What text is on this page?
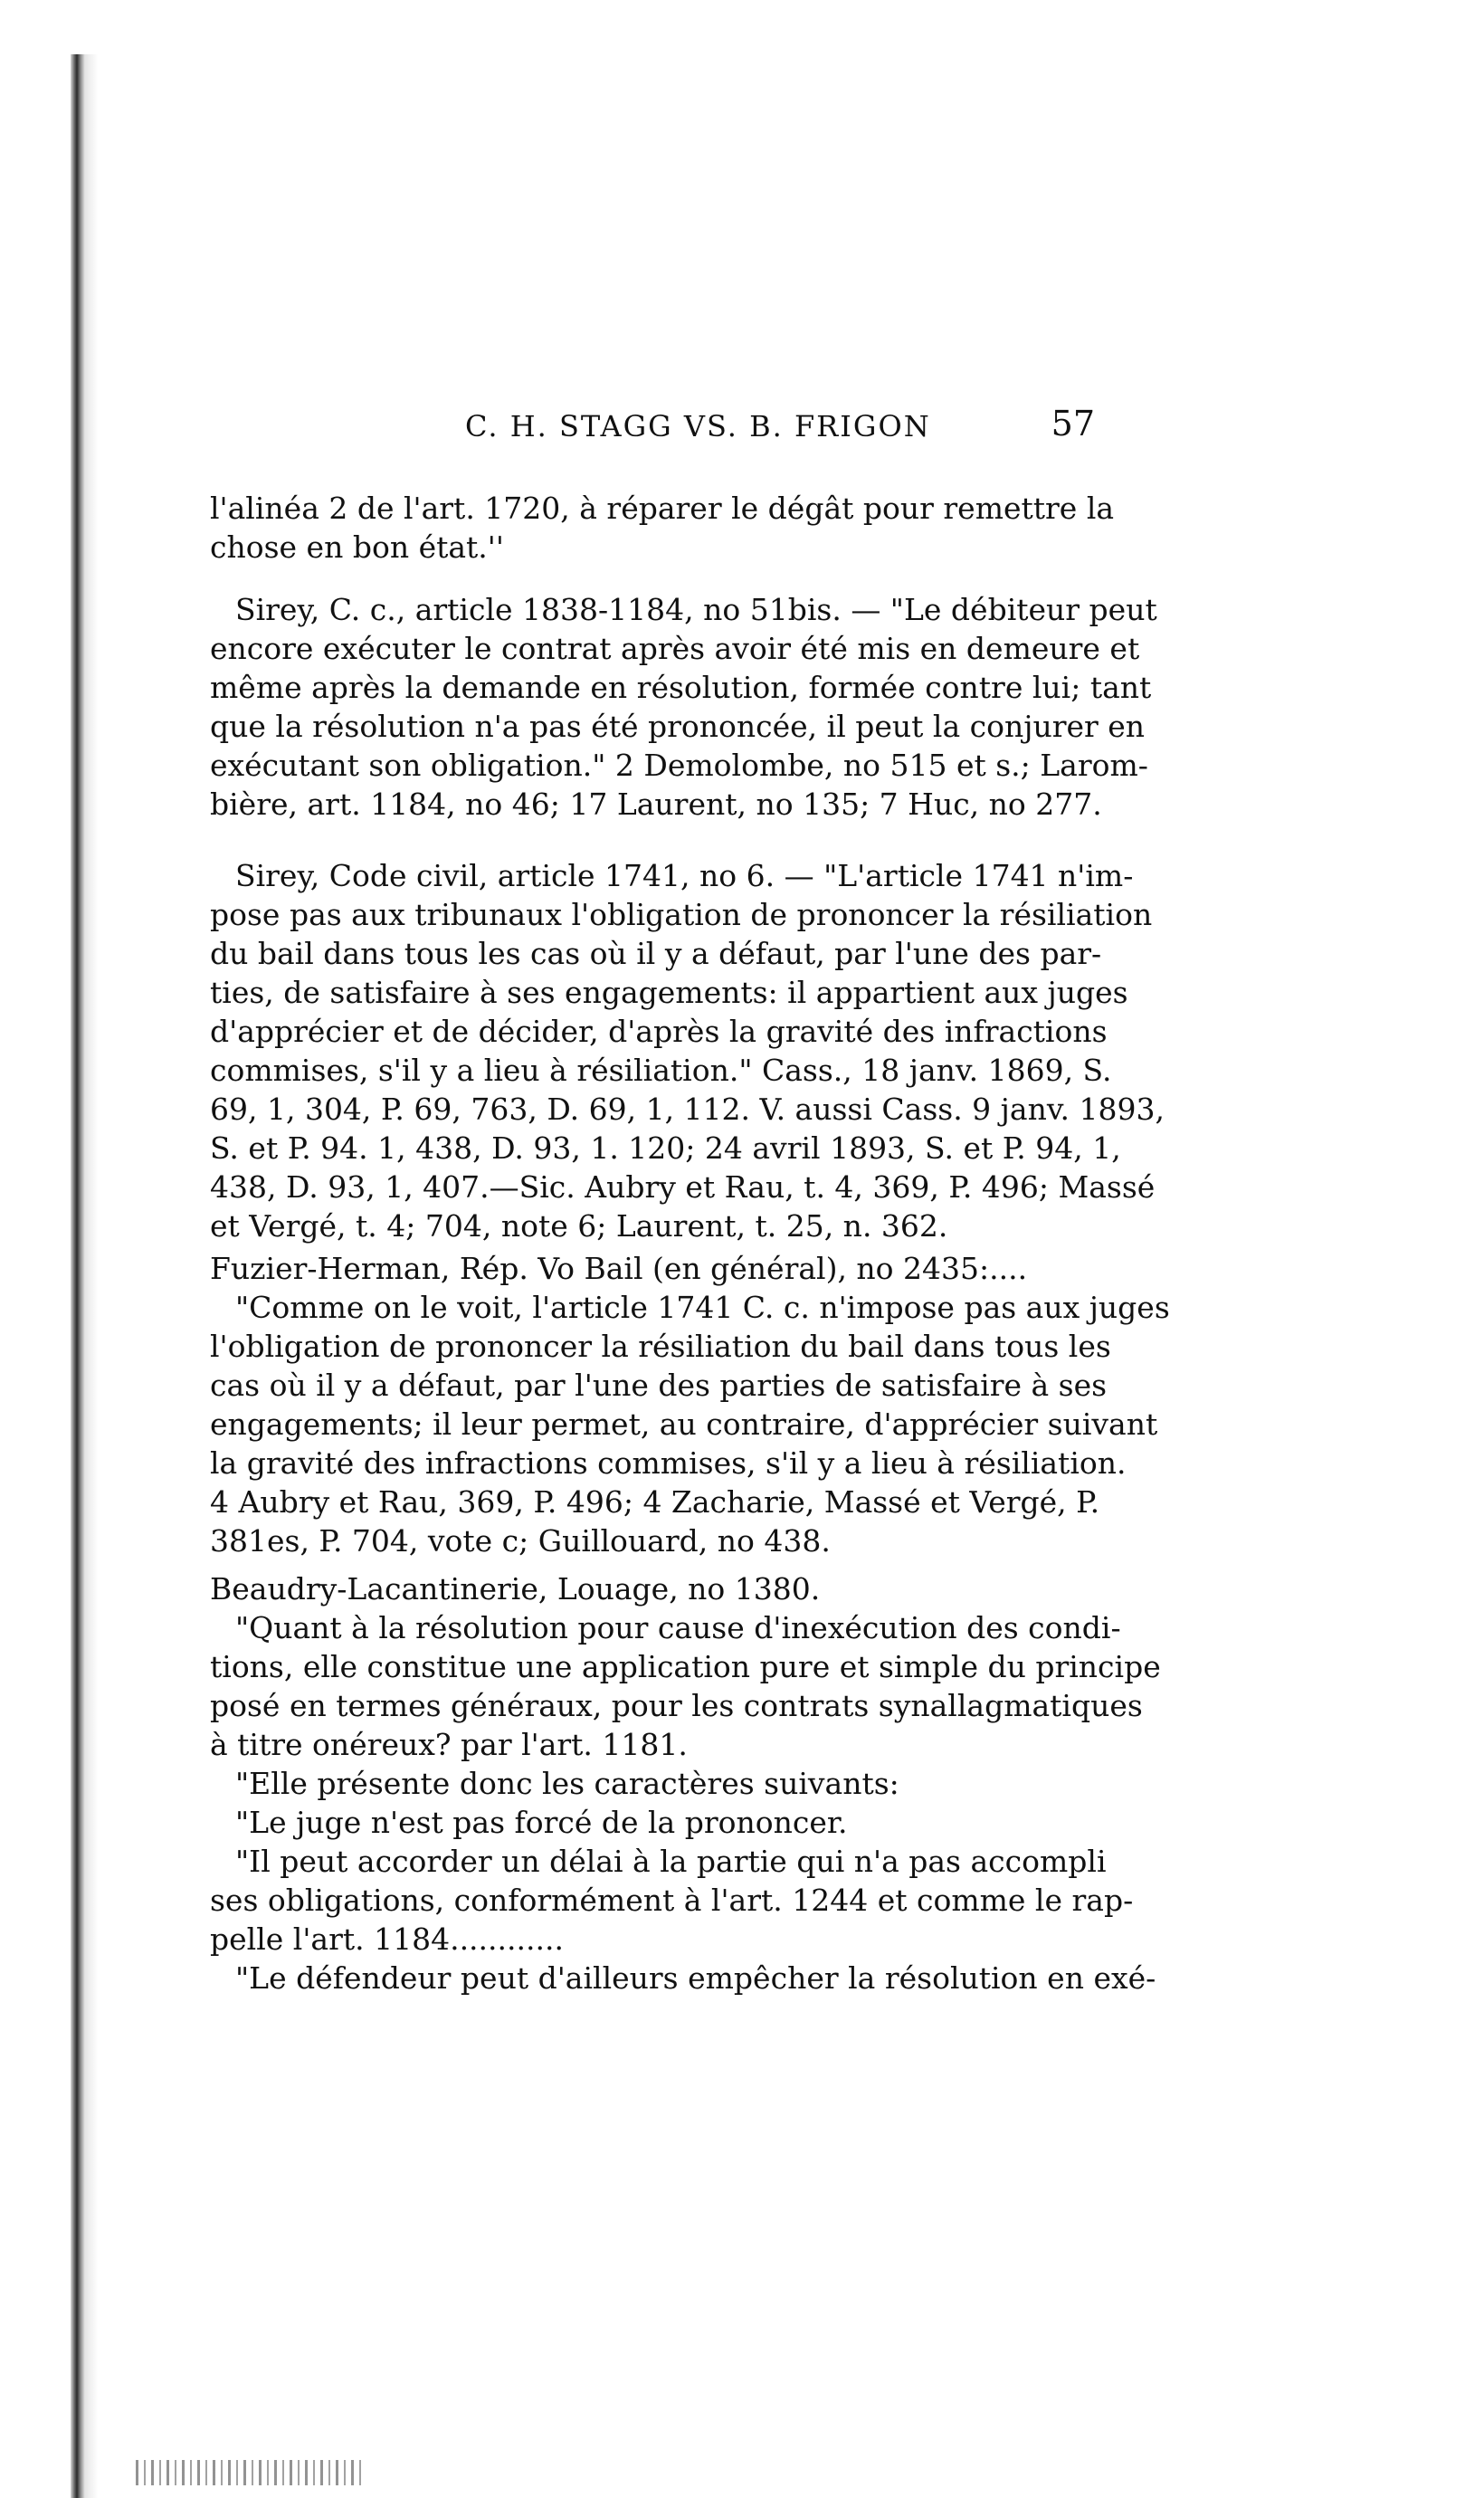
C. H. STAGG VS. B. FRIGON	57
l'alinéa 2 de l'art. 1720, à réparer le dégât pour remettre la
chose en bon état.''
Sirey, C. c., article 1838-1184, no 51bis. — "Le débiteur peut
encore exécuter le contrat après avoir été mis en demeure et
même après la demande en résolution, formée contre lui; tant
que la résolution n'a pas été prononcée, il peut la conjurer en
exécutant son obligation." 2 Demolombe, no 515 et s.; Larom-
bière, art. 1184, no 46; 17 Laurent, no 135; 7 Huc, no 277.
Sirey, Code civil, article 1741, no 6. — "L'article 1741 n'im-
pose pas aux tribunaux l'obligation de prononcer la résiliation
du bail dans tous les cas où il y a défaut, par l'une des par-
ties, de satisfaire à ses engagements: il appartient aux juges
d'apprécier et de décider, d'après la gravité des infractions
commises, s'il y a lieu à résiliation." Cass., 18 janv. 1869, S.
69, 1, 304, P. 69, 763, D. 69, 1, 112. V. aussi Cass. 9 janv. 1893,
S. et P. 94. 1, 438, D. 93, 1. 120; 24 avril 1893, S. et P. 94, 1,
438, D. 93, 1, 407.—Sic. Aubry et Rau, t. 4, 369, P. 496; Massé
et Vergé, t. 4; 704, note 6; Laurent, t. 25, n. 362.
Fuzier-Herman, Rép. Vo Bail (en général), no 2435:....
"Comme on le voit, l'article 1741 C. c. n'impose pas aux juges
l'obligation de prononcer la résiliation du bail dans tous les
cas où il y a défaut, par l'une des parties de satisfaire à ses
engagements; il leur permet, au contraire, d'apprécier suivant
la gravité des infractions commises, s'il y a lieu à résiliation.
4 Aubry et Rau, 369, P. 496; 4 Zacharie, Massé et Vergé, P.
381es, P. 704, vote c; Guillouard, no 438.
Beaudry-Lacantinerie, Louage, no 1380.
"Quant à la résolution pour cause d'inexécution des condi-
tions, elle constitue une application pure et simple du principe
posé en termes généraux, pour les contrats synallagmatiques
à titre onéreux? par l'art. 1181.
"Elle présente donc les caractères suivants:
"Le juge n'est pas forcé de la prononcer.
"Il peut accorder un délai à la partie qui n'a pas accompli
ses obligations, conformément à l'art. 1244 et comme le rap-
pelle l'art. 1184............
"Le défendeur peut d'ailleurs empêcher la résolution en exé-
